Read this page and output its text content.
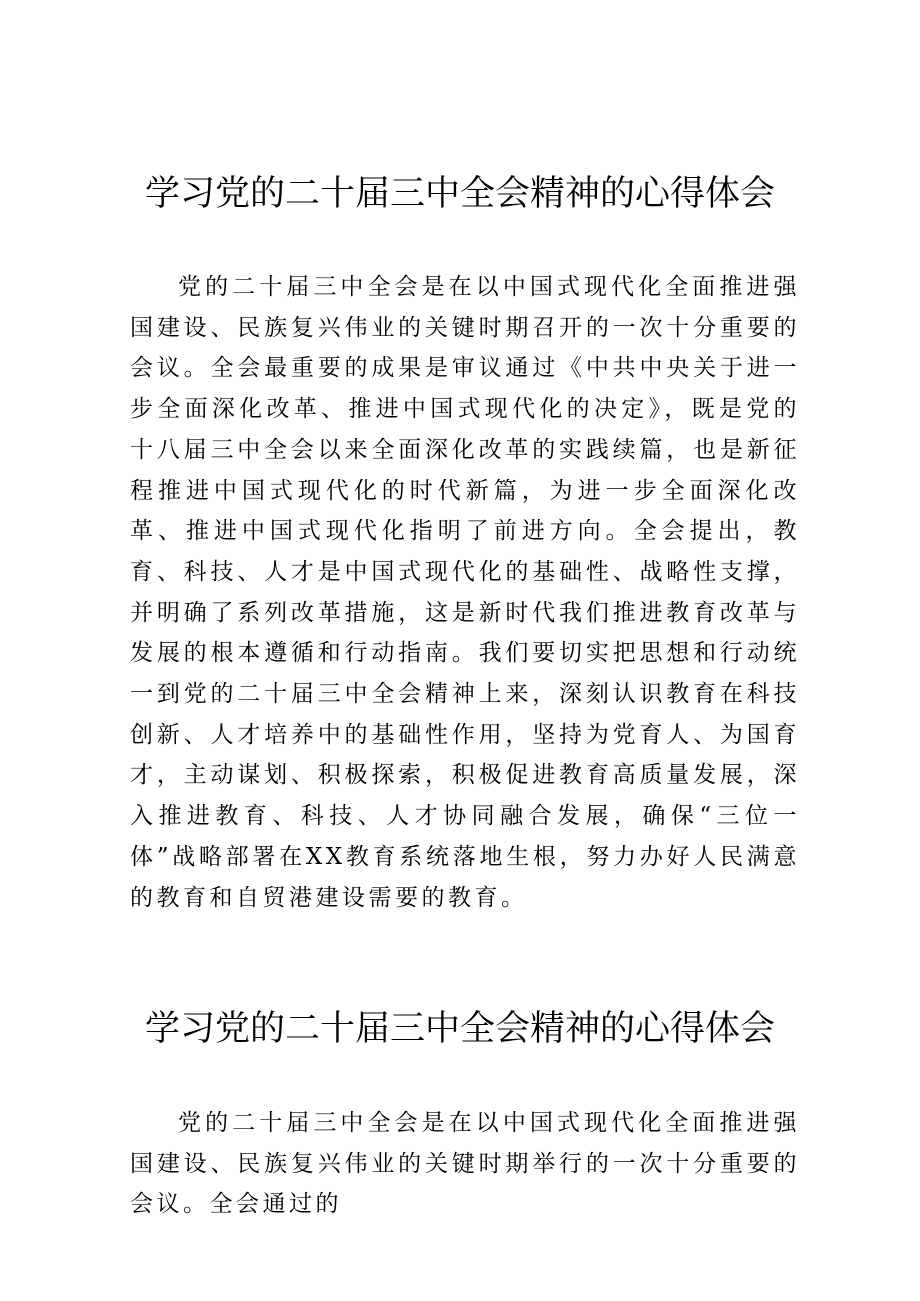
学习党的二十届三中全会精神的心得体会

党的二十届三中全会是在以中国式现代化全面推进强国建设、民族复兴伟业的关键时期召开的一次十分重要的会议。全会最重要的成果是审议通过《中共中央关于进一步全面深化改革、推进中国式现代化的决定》，既是党的十八届三中全会以来全面深化改革的实践续篇，也是新征程推进中国式现代化的时代新篇，为进一步全面深化改革、推进中国式现代化指明了前进方向。全会提出，教育、科技、人才是中国式现代化的基础性、战略性支撑，并明确了系列改革措施，这是新时代我们推进教育改革与发展的根本遵循和行动指南。我们要切实把思想和行动统一到党的二十届三中全会精神上来，深刻认识教育在科技创新、人才培养中的基础性作用，坚持为党育人、为国育才，主动谋划、积极探索，积极促进教育高质量发展，深入推进教育、科技、人才协同融合发展，确保“三位一体”战略部署在XX教育系统落地生根，努力办好人民满意的教育和自贸港建设需要的教育。

学习党的二十届三中全会精神的心得体会

党的二十届三中全会是在以中国式现代化全面推进强国建设、民族复兴伟业的关键时期举行的一次十分重要的会议。全会通过的
